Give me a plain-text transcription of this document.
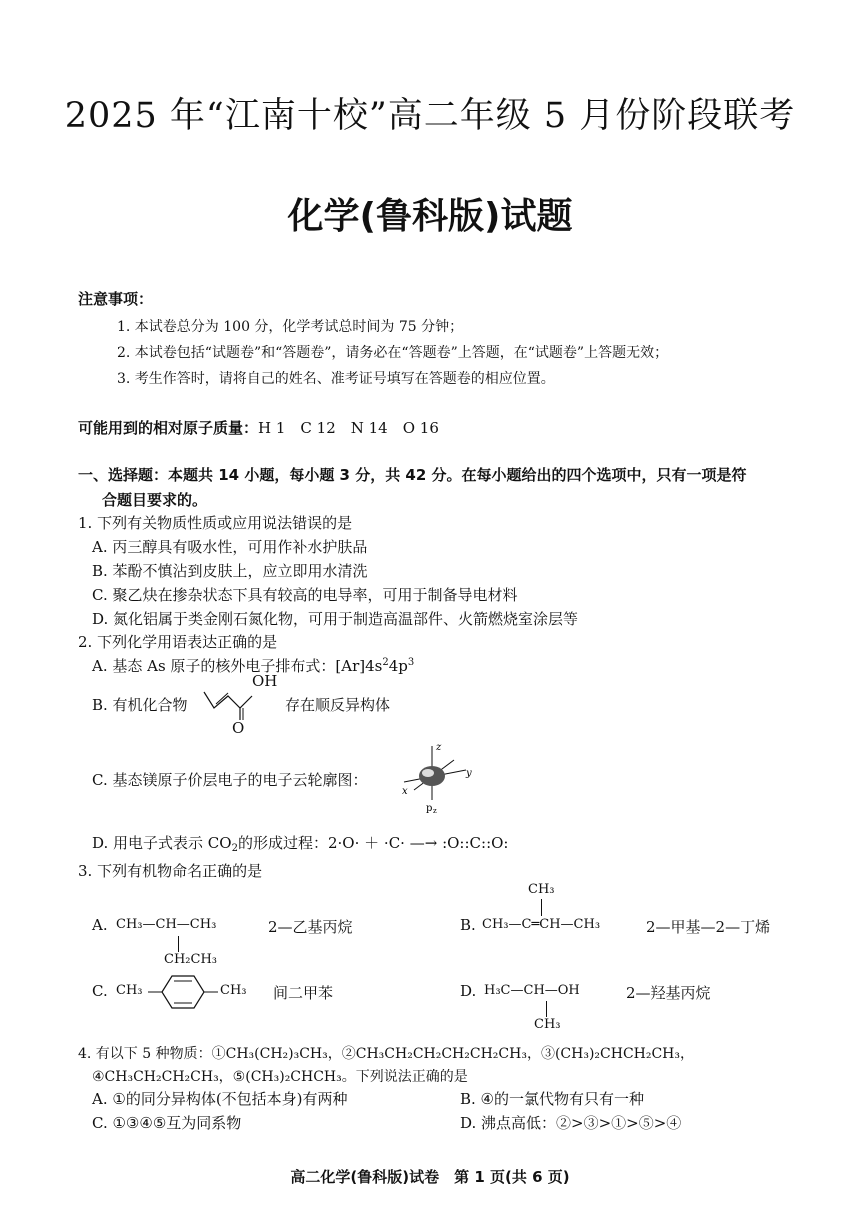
2025 年“江南十校”高二年级 5 月份阶段联考
化学(鲁科版)试题
注意事项：
1. 本试卷总分为 100 分，化学考试总时间为 75 分钟；
2. 本试卷包括“试题卷”和“答题卷”，请务必在“答题卷”上答题，在“试题卷”上答题无效；
3. 考生作答时，请将自己的姓名、准考证号填写在答题卷的相应位置。
可能用到的相对原子质量：H 1　C 12　N 14　O 16
一、选择题：本题共 14 小题，每小题 3 分，共 42 分。在每小题给出的四个选项中，只有一项是符
合题目要求的。
1. 下列有关物质性质或应用说法错误的是
A. 丙三醇具有吸水性，可用作补水护肤品
B. 苯酚不慎沾到皮肤上，应立即用水清洗
C. 聚乙炔在掺杂状态下具有较高的电导率，可用于制备导电材料
D. 氮化铝属于类金刚石氮化物，可用于制造高温部件、火箭燃烧室涂层等
2. 下列化学用语表达正确的是
A. 基态 As 原子的核外电子排布式：$[Ar]4s^24p^3$
B. 有机化合物
OH
O
存在顺反异构体
C. 基态镁原子价层电子的电子云轮廓图：
z
y
x
p z
D. 用电子式表示 $CO_2$的形成过程：2·O· ＋ ·C· —→ :O::C::O:
3. 下列有机物命名正确的是
A. CH₃—CH—CH₃
CH₂CH₃
2—乙基丙烷
CH₃
B. CH₃—C═CH—CH₃	2—甲基—2—丁烯
C. CH₃	CH₃ 间二甲苯	D. H₃C—CH—OH
CH₃
2—羟基丙烷
4. 有以下 5 种物质：①CH₃(CH₂)₃CH₃，②CH₃CH₂CH₂CH₂CH₂CH₃，③(CH₃)₂CHCH₂CH₃，
④CH₃CH₂CH₂CH₃，⑤(CH₃)₂CHCH₃。下列说法正确的是
A. ①的同分异构体(不包括本身)有两种	B. ④的一氯代物有只有一种
C. ①③④⑤互为同系物	D. 沸点高低：②>③>①>⑤>④
高二化学(鲁科版)试卷　第 1 页(共 6 页)
